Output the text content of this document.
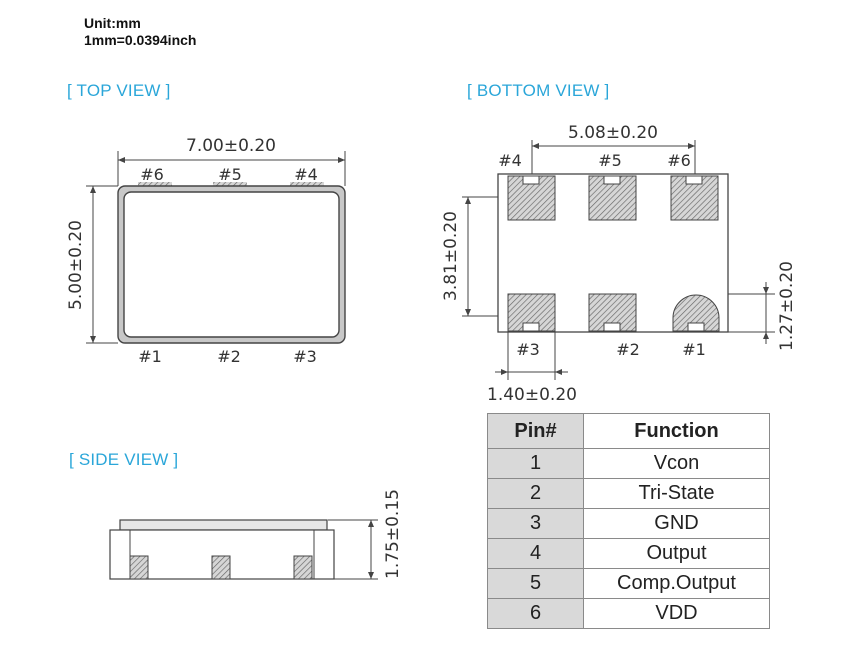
Unit:mm
1mm=0.0394inch
[ TOP VIEW ]	[ BOTTOM VIEW ]
[ SIDE VIEW ]
7.00±0.20
5.00±0.20
#6	#5	#4
#1	#2	#3
5.08±0.20
3.81±0.20
1.27±0.20
1.40±0.20
#4	#5	#6
#3	#2	#1
1.75±0.15
Pin#	Function
1	Vcon
2	Tri-State
3	GND
4	Output
5	Comp.Output
6	VDD
